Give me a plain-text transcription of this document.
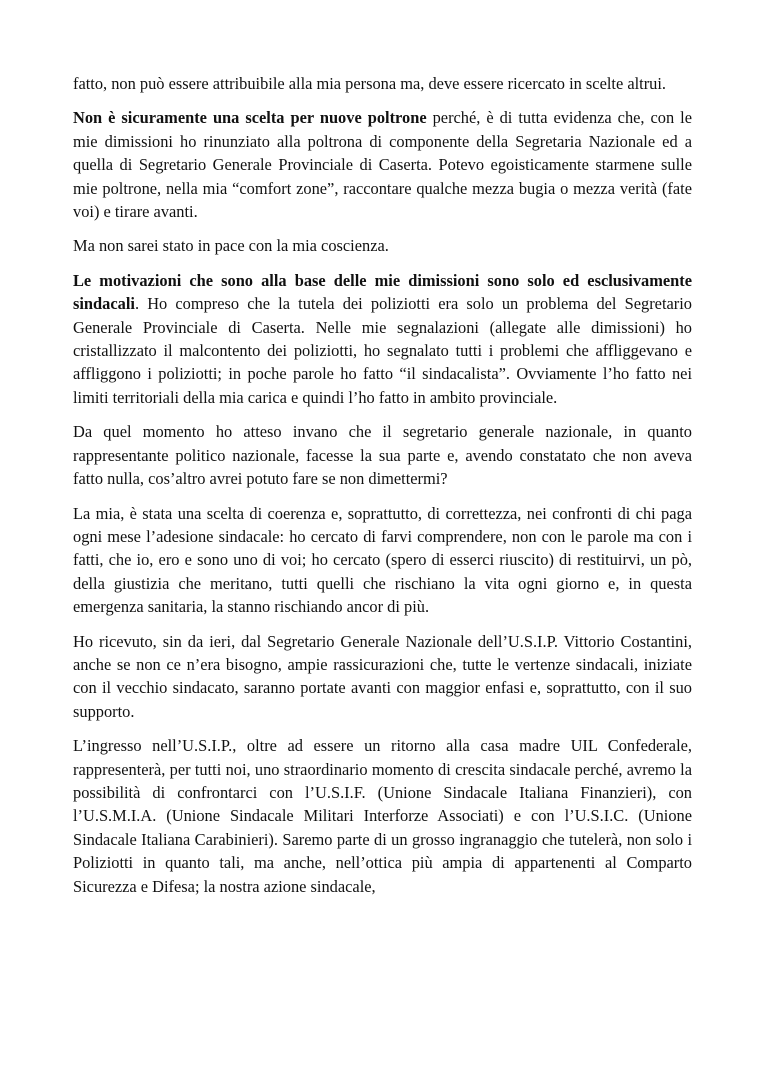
fatto, non può essere attribuibile alla mia persona ma, deve essere ricercato in scelte altrui.

Non è sicuramente una scelta per nuove poltrone perché, è di tutta evidenza che, con le mie dimissioni ho rinunziato alla poltrona di componente della Segretaria Nazionale ed a quella di Segretario Generale Provinciale di Caserta. Potevo egoisticamente starmene sulle mie poltrone, nella mia “comfort zone”, raccontare qualche mezza bugia o mezza verità (fate voi) e tirare avanti.

Ma non sarei stato in pace con la mia coscienza.

Le motivazioni che sono alla base delle mie dimissioni sono solo ed esclusivamente sindacali. Ho compreso che la tutela dei poliziotti era solo un problema del Segretario Generale Provinciale di Caserta. Nelle mie segnalazioni (allegate alle dimissioni) ho cristallizzato il malcontento dei poliziotti, ho segnalato tutti i problemi che affliggevano e affliggono i poliziotti; in poche parole ho fatto “il sindacalista”. Ovviamente l’ho fatto nei limiti territoriali della mia carica e quindi l’ho fatto in ambito provinciale.

Da quel momento ho atteso invano che il segretario generale nazionale, in quanto rappresentante politico nazionale, facesse la sua parte e, avendo constatato che non aveva fatto nulla, cos’altro avrei potuto fare se non dimettermi?

La mia, è stata una scelta di coerenza e, soprattutto, di correttezza, nei confronti di chi paga ogni mese l’adesione sindacale: ho cercato di farvi comprendere, non con le parole ma con i fatti, che io, ero e sono uno di voi; ho cercato (spero di esserci riuscito) di restituirvi, un pò, della giustizia che meritano, tutti quelli che rischiano la vita ogni giorno e, in questa emergenza sanitaria, la stanno rischiando ancor di più.

Ho ricevuto, sin da ieri, dal Segretario Generale Nazionale dell’U.S.I.P. Vittorio Costantini, anche se non ce n’era bisogno, ampie rassicurazioni che, tutte le vertenze sindacali, iniziate con il vecchio sindacato, saranno portate avanti con maggior enfasi e, soprattutto, con il suo supporto.

L’ingresso nell’U.S.I.P., oltre ad essere un ritorno alla casa madre UIL Confederale, rappresenterà, per tutti noi, uno straordinario momento di crescita sindacale perché, avremo la possibilità di confrontarci con l’U.S.I.F. (Unione Sindacale Italiana Finanzieri), con l’U.S.M.I.A. (Unione Sindacale Militari Interforze Associati) e con l’U.S.I.C. (Unione Sindacale Italiana Carabinieri). Saremo parte di un grosso ingranaggio che tutelerà, non solo i Poliziotti in quanto tali, ma anche, nell’ottica più ampia di appartenenti al Comparto Sicurezza e Difesa; la nostra azione sindacale,
